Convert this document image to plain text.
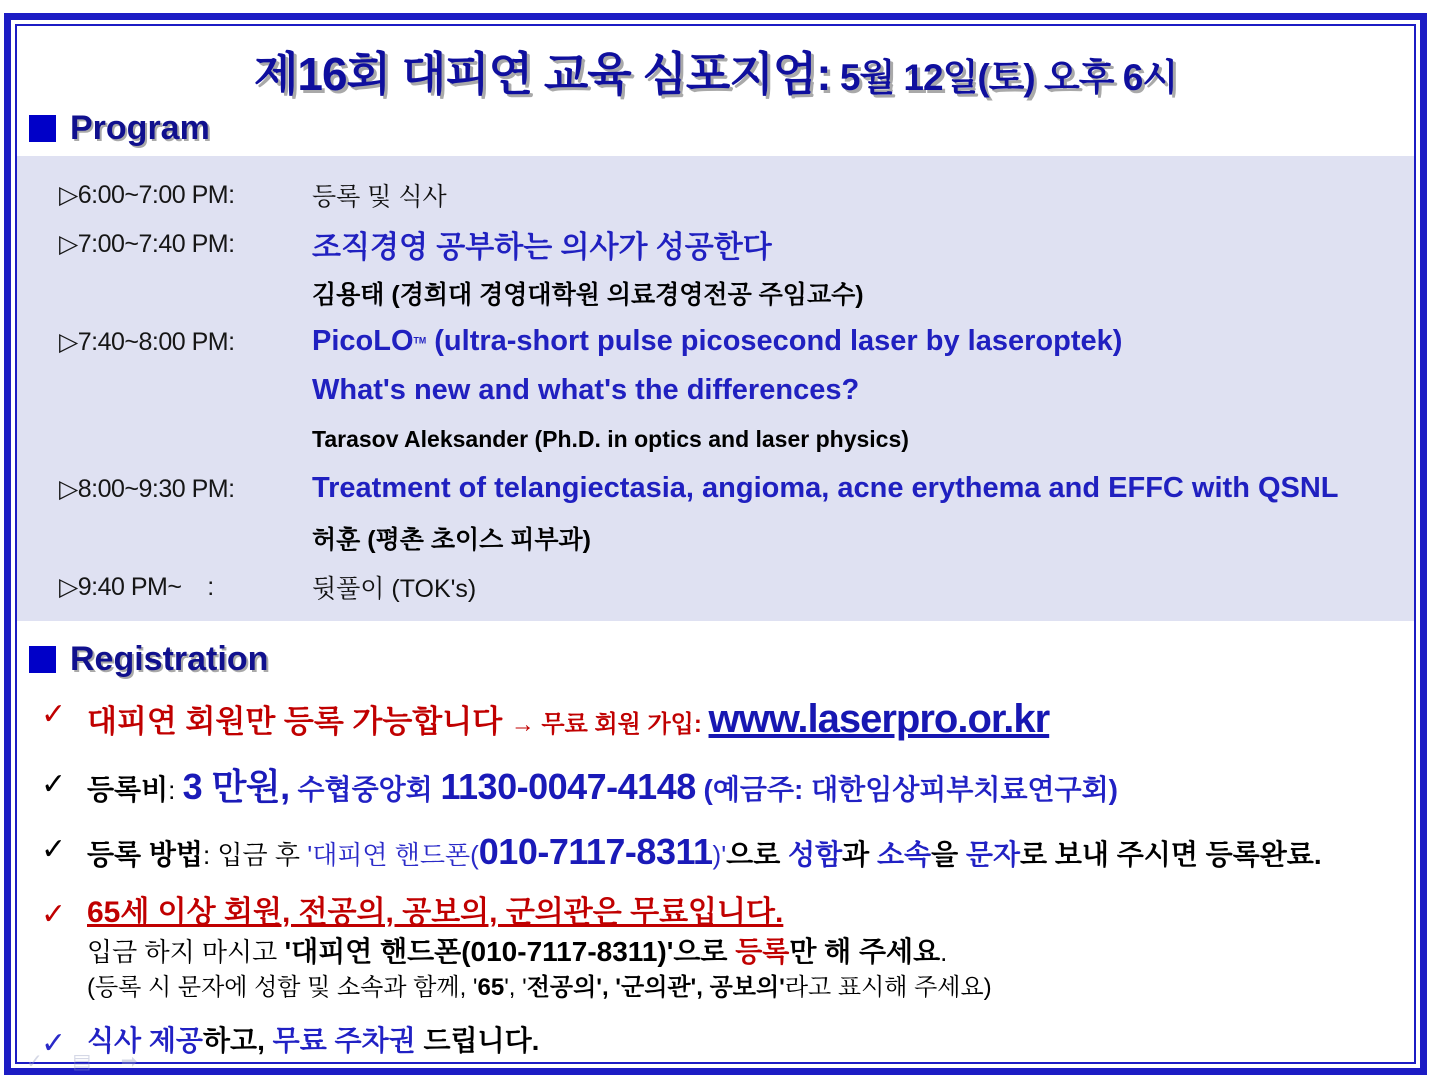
제16회 대피연 교육 심포지엄: 5월 12일(토) 오후 6시
Program
▷6:00~7:00 PM:	등록 및 식사
▷7:00~7:40 PM:	조직경영 공부하는 의사가 성공한다
김용태 (경희대 경영대학원 의료경영전공 주임교수)
▷7:40~8:00 PM:	PicoLO™ (ultra-short pulse picosecond laser by laseroptek)
What's new and what's the differences?
Tarasov Aleksander (Ph.D. in optics and laser physics)
▷8:00~9:30 PM:	Treatment of telangiectasia, angioma, acne erythema and EFFC with QSNL
허훈 (평촌 초이스 피부과)
▷9:40 PM~    :	뒷풀이 (TOK's)
Registration
✓ 대피연 회원만 등록 가능합니다 → 무료 회원 가입: www.laserpro.or.kr
✓ 등록비: 3 만원, 수협중앙회 1130-0047-4148 (예금주: 대한임상피부치료연구회)
✓ 등록 방법: 입금 후 '대피연 핸드폰(010-7117-8311)'으로 성함과 소속을 문자로 보내 주시면 등록완료.
✓ 65세 이상 회원, 전공의, 공보의, 군의관은 무료입니다.
입금 하지 마시고 '대피연 핸드폰(010-7117-8311)'으로 등록만 해 주세요.
(등록 시 문자에 성함 및 소속과 함께, '65', '전공의', '군의관', 공보의'라고 표시해 주세요)
✓ 식사 제공하고, 무료 주차권 드립니다.
✓ ▤ ➡
